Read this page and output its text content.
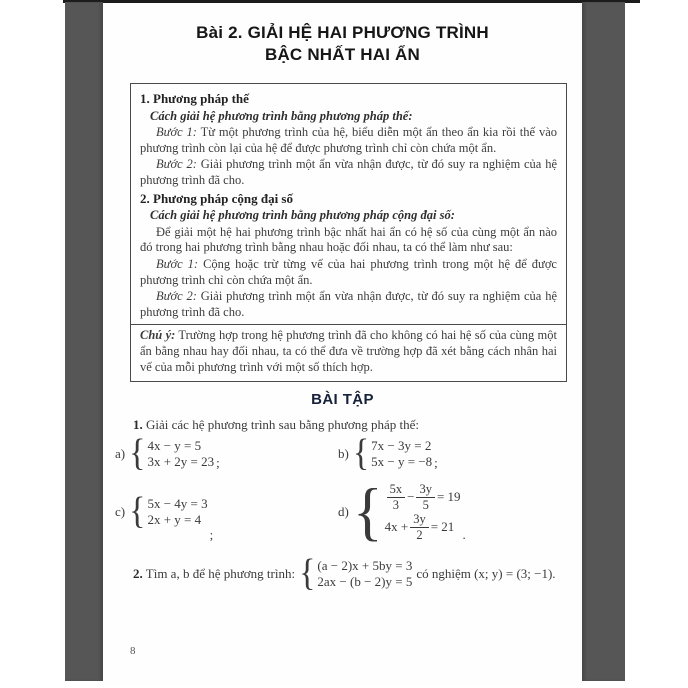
Bài 2. GIẢI HỆ HAI PHƯƠNG TRÌNH
BẬC NHẤT HAI ẨN
1. Phương pháp thế
Cách giải hệ phương trình bằng phương pháp thế:
Bước 1: Từ một phương trình của hệ, biểu diễn một ẩn theo ẩn kia rồi thế vào phương trình còn lại của hệ để được phương trình chỉ còn chứa một ẩn.
Bước 2: Giải phương trình một ẩn vừa nhận được, từ đó suy ra nghiệm của hệ phương trình đã cho.
2. Phương pháp cộng đại số
Cách giải hệ phương trình bằng phương pháp cộng đại số:
Để giải một hệ hai phương trình bậc nhất hai ẩn có hệ số của cùng một ẩn nào đó trong hai phương trình bằng nhau hoặc đối nhau, ta có thể làm như sau:
Bước 1: Cộng hoặc trừ từng vế của hai phương trình trong một hệ để được phương trình chỉ còn chứa một ẩn.
Bước 2: Giải phương trình một ẩn vừa nhận được, từ đó suy ra nghiệm của hệ phương trình đã cho.
Chú ý: Trường hợp trong hệ phương trình đã cho không có hai hệ số của cùng một ẩn bằng nhau hay đối nhau, ta có thể đưa về trường hợp đã xét bằng cách nhân hai vế của mỗi phương trình với một số thích hợp.
BÀI TẬP
1. Giải các hệ phương trình sau bằng phương pháp thế:
a) { 4x − y = 5
3x + 2y = 23 ;
b) { 7x − 3y = 2
5x − y = −8 ;
c) { 5x − 4y = 3
2x + y = 4
;
d) { $\frac{5x}{3} - \frac{3y}{5} = 19$
$4x + \frac{3y}{2} = 21$
.
2. Tìm a, b để hệ phương trình: { (a − 2)x + 5by = 3
2ax − (b − 2)y = 5
có nghiệm (x; y) = (3; −1).
8
